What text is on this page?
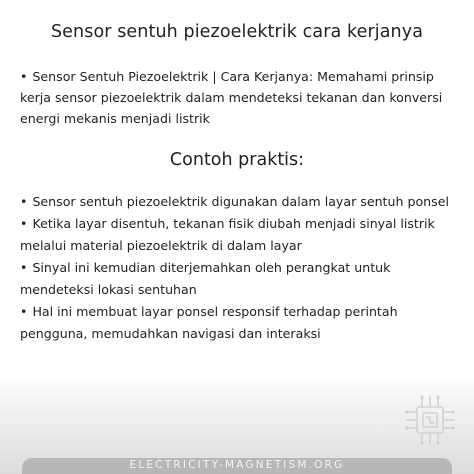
Sensor sentuh piezoelektrik cara kerjanya
• Sensor Sentuh Piezoelektrik | Cara Kerjanya: Memahami prinsip kerja sensor piezoelektrik dalam mendeteksi tekanan dan konversi energi mekanis menjadi listrik
Contoh praktis:
• Sensor sentuh piezoelektrik digunakan dalam layar sentuh ponsel
• Ketika layar disentuh, tekanan fisik diubah menjadi sinyal listrik melalui material piezoelektrik di dalam layar
• Sinyal ini kemudian diterjemahkan oleh perangkat untuk mendeteksi lokasi sentuhan
• Hal ini membuat layar ponsel responsif terhadap perintah pengguna, memudahkan navigasi dan interaksi
ELECTRICITY-MAGNETISM.ORG
